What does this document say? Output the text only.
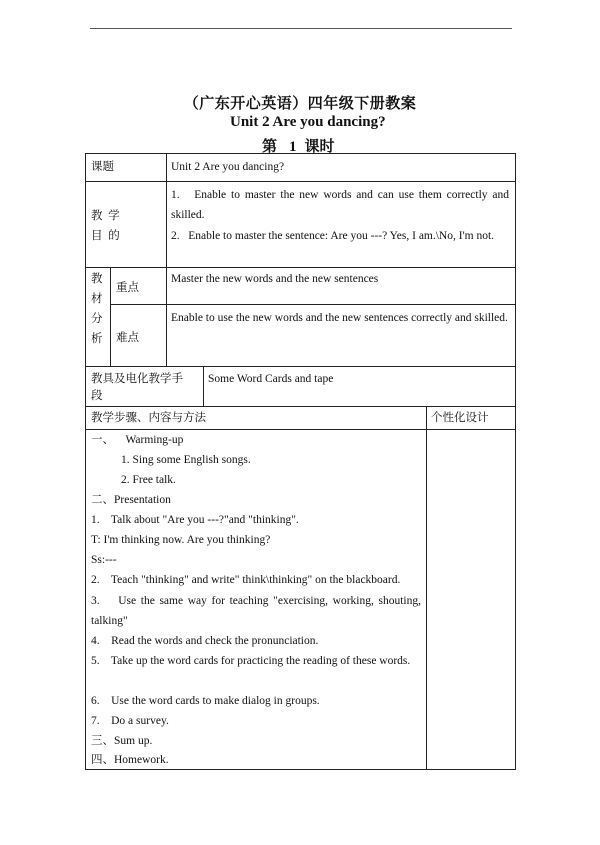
（广东开心英语）四年级下册教案
Unit 2 Are you dancing?
第 1 课时
课题	Unit 2 Are you dancing?
教  学
目  的
1.   Enable to master the new words and can use them correctly and skilled.
2.   Enable to master the sentence: Are you ---? Yes, I am.\No, I'm not.
教
材
分
析
重点
Master the new words and the new sentences
难点
Enable to use the new words and the new sentences correctly and skilled.
教具及电化教学手
段
Some Word Cards and tape
教学步骤、内容与方法	个性化设计
一、    Warming-up
1. Sing some English songs.
2. Free talk.
二、Presentation
1.    Talk about "Are you ---?"and "thinking".
T: I'm thinking now. Are you thinking?
Ss:---
2.    Teach "thinking" and write" think\thinking" on the blackboard.
3.    Use the same way for teaching "exercising, working, shouting, talking"
4.    Read the words and check the pronunciation.
5.    Take up the word cards for practicing the reading of these words.
6.    Use the word cards to make dialog in groups.
7.    Do a survey.
三、Sum up.
四、Homework.
